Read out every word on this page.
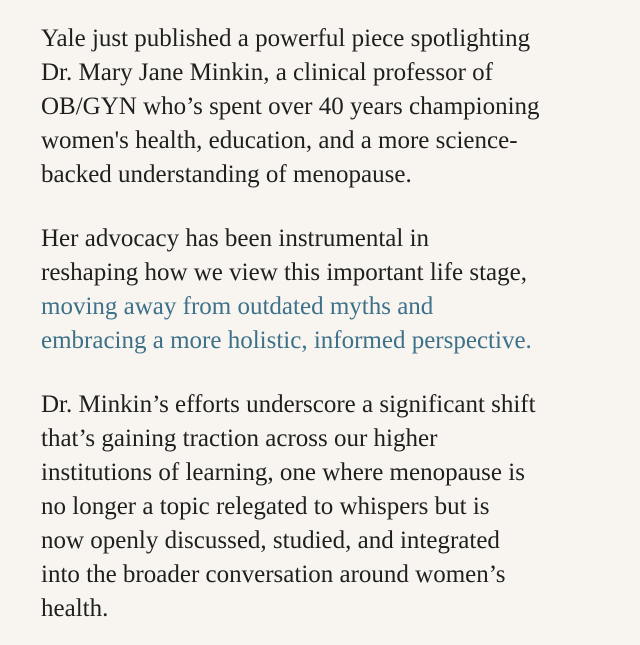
Yale just published a powerful piece spotlighting
Dr. Mary Jane Minkin, a clinical professor of
OB/GYN who’s spent over 40 years championing
women's health, education, and a more science-
backed understanding of menopause.

Her advocacy has been instrumental in
reshaping how we view this important life stage,
moving away from outdated myths and
embracing a more holistic, informed perspective.

Dr. Minkin’s efforts underscore a significant shift
that’s gaining traction across our higher
institutions of learning, one where menopause is
no longer a topic relegated to whispers but is
now openly discussed, studied, and integrated
into the broader conversation around women’s
health.
